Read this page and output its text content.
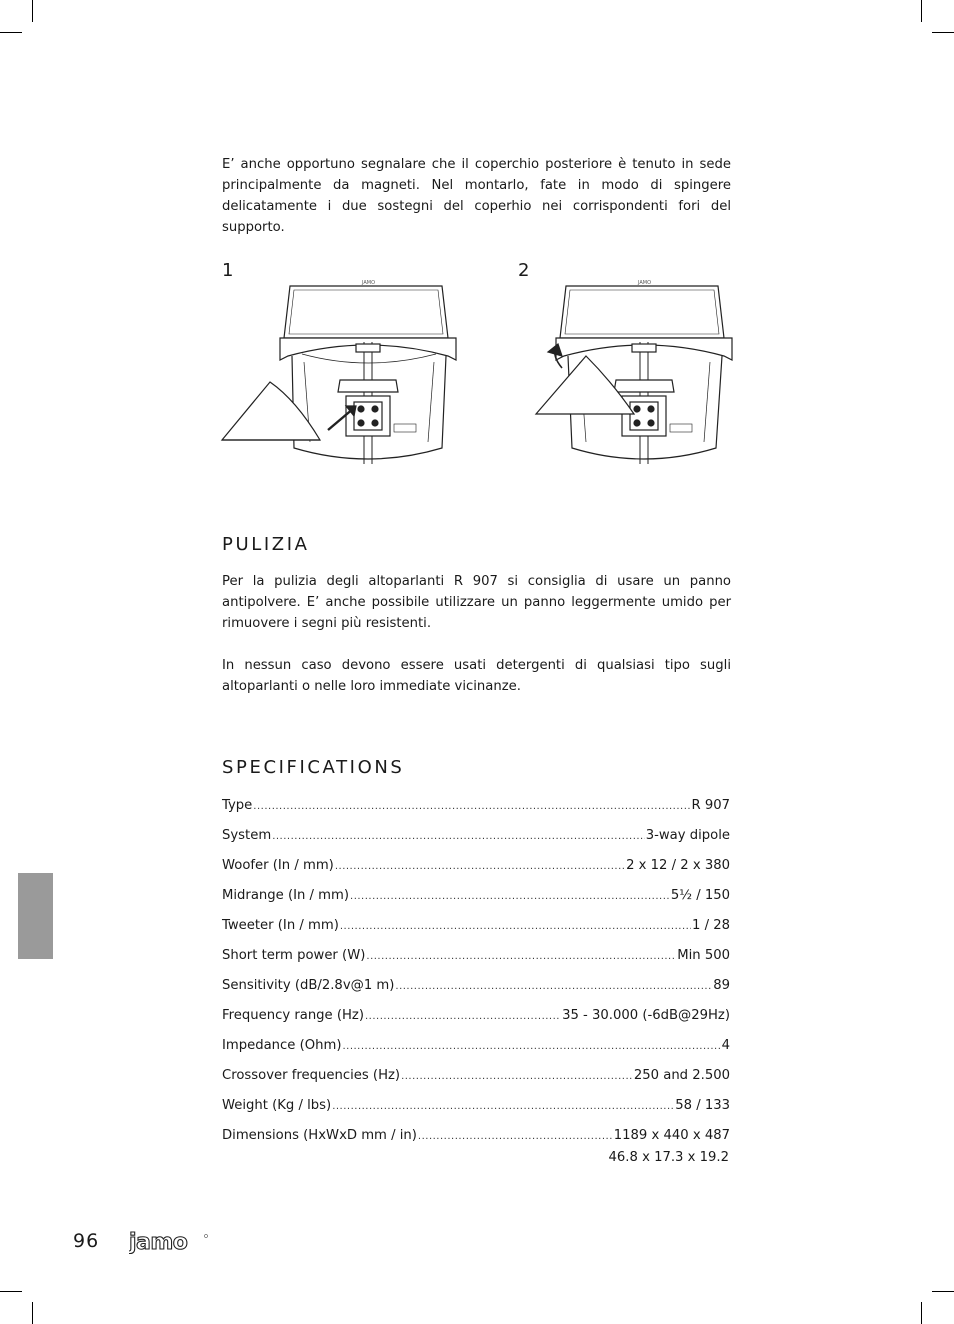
E’ anche opportuno segnalare che il coperchio posteriore è tenuto in sede principalmente da magneti. Nel montarlo, fate in modo di spingere delicatamente i due sostegni del coperhio nei corrispondenti fori del supporto.

1
JAMO
2
JAMO
PULIZIA

Per la pulizia degli altoparlanti R 907 si consiglia di usare un panno antipolvere. E’ anche possibile utilizzare un panno leggermente umido per rimuovere i segni più resistenti.

In nessun caso devono essere usati detergenti di qualsiasi tipo sugli altoparlanti o nelle loro immediate vicinanze.

SPECIFICATIONS
Type .....	R 907
System .....	3-way dipole
Woofer (In / mm) .....	2 x 12 / 2 x 380
Midrange (In / mm) .....	5½ / 150
Tweeter (In / mm) .....	1 / 28
Short term power (W) .....	Min 500
Sensitivity (dB/2.8v@1 m) .....	89
Frequency range (Hz) .....	35 - 30.000 (-6dB@29Hz)
Impedance (Ohm) .....	4
Crossover frequencies (Hz) .....	250 and 2.500
Weight (Kg / lbs) .....	58 / 133
Dimensions (HxWxD mm / in) .....	1189 x 440 x 487
46.8 x 17.3 x 19.2
96 jamo
